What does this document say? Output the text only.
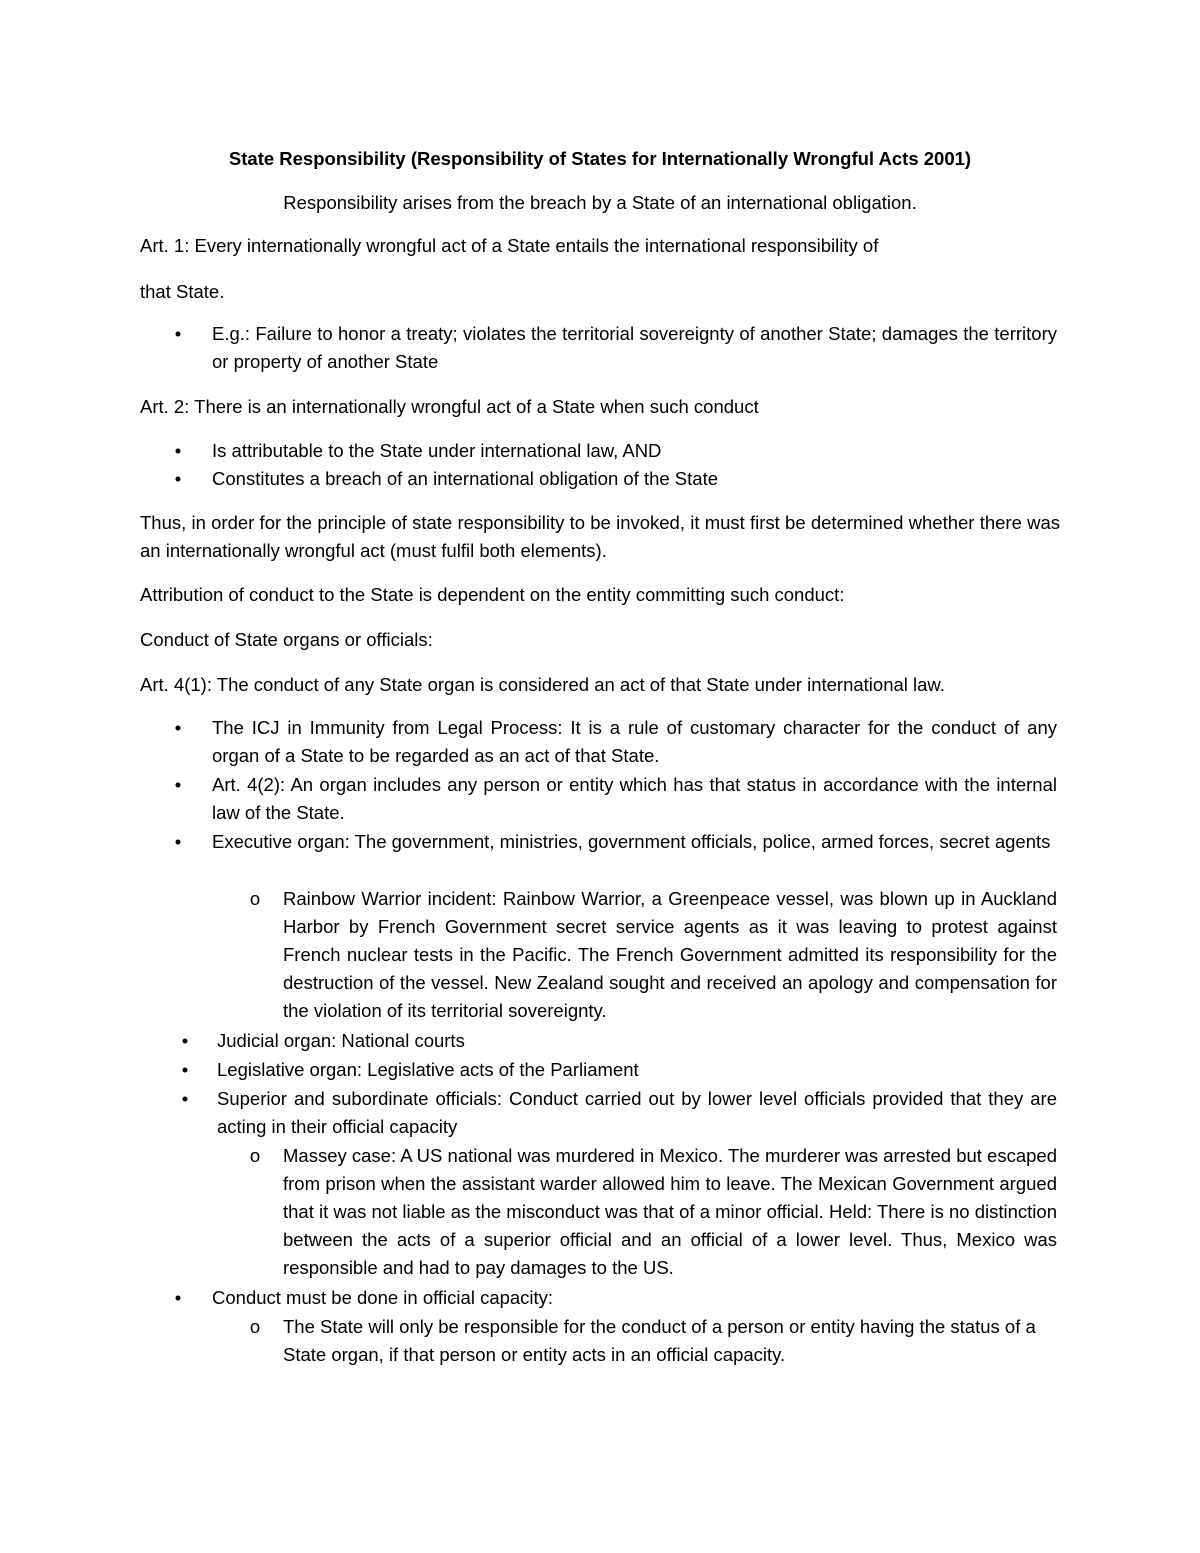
State Responsibility (Responsibility of States for Internationally Wrongful Acts 2001)
Responsibility arises from the breach by a State of an international obligation.
Art. 1: Every internationally wrongful act of a State entails the international responsibility of
that State.
• E.g.: Failure to honor a treaty; violates the territorial sovereignty of another State; damages the territory or property of another State
Art. 2: There is an internationally wrongful act of a State when such conduct
• Is attributable to the State under international law, AND
• Constitutes a breach of an international obligation of the State
Thus, in order for the principle of state responsibility to be invoked, it must first be determined whether there was an internationally wrongful act (must fulfil both elements).
Attribution of conduct to the State is dependent on the entity committing such conduct:
Conduct of State organs or officials:
Art. 4(1): The conduct of any State organ is considered an act of that State under international law.
• The ICJ in Immunity from Legal Process: It is a rule of customary character for the conduct of any organ of a State to be regarded as an act of that State.
• Art. 4(2): An organ includes any person or entity which has that status in accordance with the internal law of the State.
• Executive organ: The government, ministries, government officials, police, armed forces, secret agents
o Rainbow Warrior incident: Rainbow Warrior, a Greenpeace vessel, was blown up in Auckland Harbor by French Government secret service agents as it was leaving to protest against French nuclear tests in the Pacific. The French Government admitted its responsibility for the destruction of the vessel. New Zealand sought and received an apology and compensation for the violation of its territorial sovereignty.
• Judicial organ: National courts
• Legislative organ: Legislative acts of the Parliament
• Superior and subordinate officials: Conduct carried out by lower level officials provided that they are acting in their official capacity
o Massey case: A US national was murdered in Mexico. The murderer was arrested but escaped from prison when the assistant warder allowed him to leave. The Mexican Government argued that it was not liable as the misconduct was that of a minor official. Held: There is no distinction between the acts of a superior official and an official of a lower level. Thus, Mexico was responsible and had to pay damages to the US.
• Conduct must be done in official capacity:
o The State will only be responsible for the conduct of a person or entity having the status of a State organ, if that person or entity acts in an official capacity.
